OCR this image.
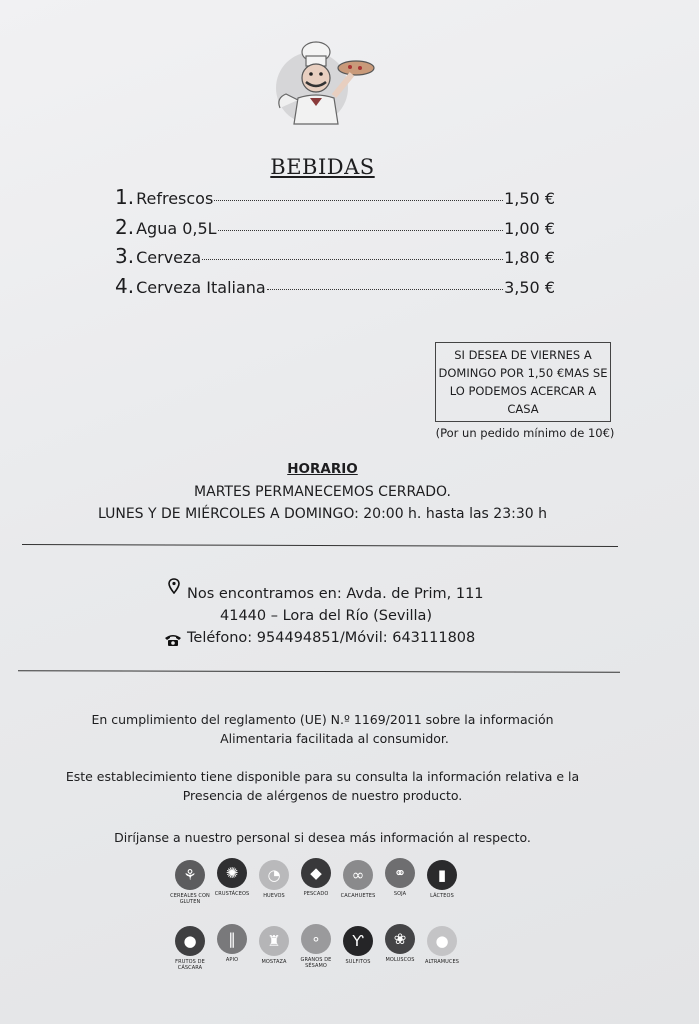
BEBIDAS
1. Refrescos	1,50 €
2. Agua 0,5L	1,00 €
3. Cerveza	1,80 €
4. Cerveza Italiana	3,50 €
SI DESEA DE VIERNES A
DOMINGO POR 1,50 €MAS SE
LO PODEMOS ACERCAR A
CASA
(Por un pedido mínimo de 10€)
HORARIO
MARTES PERMANECEMOS CERRADO.
LUNES Y DE MIÉRCOLES A DOMINGO: 20:00 h. hasta las 23:30 h
Nos encontramos en: Avda. de Prim, 111
41440 – Lora del Río (Sevilla)
Teléfono: 954494851/Móvil: 643111808
En cumplimiento del reglamento (UE) N.º 1169/2011 sobre la información
Alimentaria facilitada al consumidor.
Este establecimiento tiene disponible para su consulta la información relativa e la
Presencia de alérgenos de nuestro producto.
Diríjanse a nuestro personal si desea más información al respecto.
⚘
CEREALES CON GLUTEN
✺
CRUSTÁCEOS
◔
HUEVOS
◆
PESCADO
∞
CACAHUETES
⚭
SOJA
▮
LÁCTEOS
●
FRUTOS DE CÁSCARA
‖
APIO
♜
MOSTAZA
∘
GRANOS DE SÉSAMO
Ƴ
SULFITOS
❀
MOLUSCOS
●
ALTRAMUCES
